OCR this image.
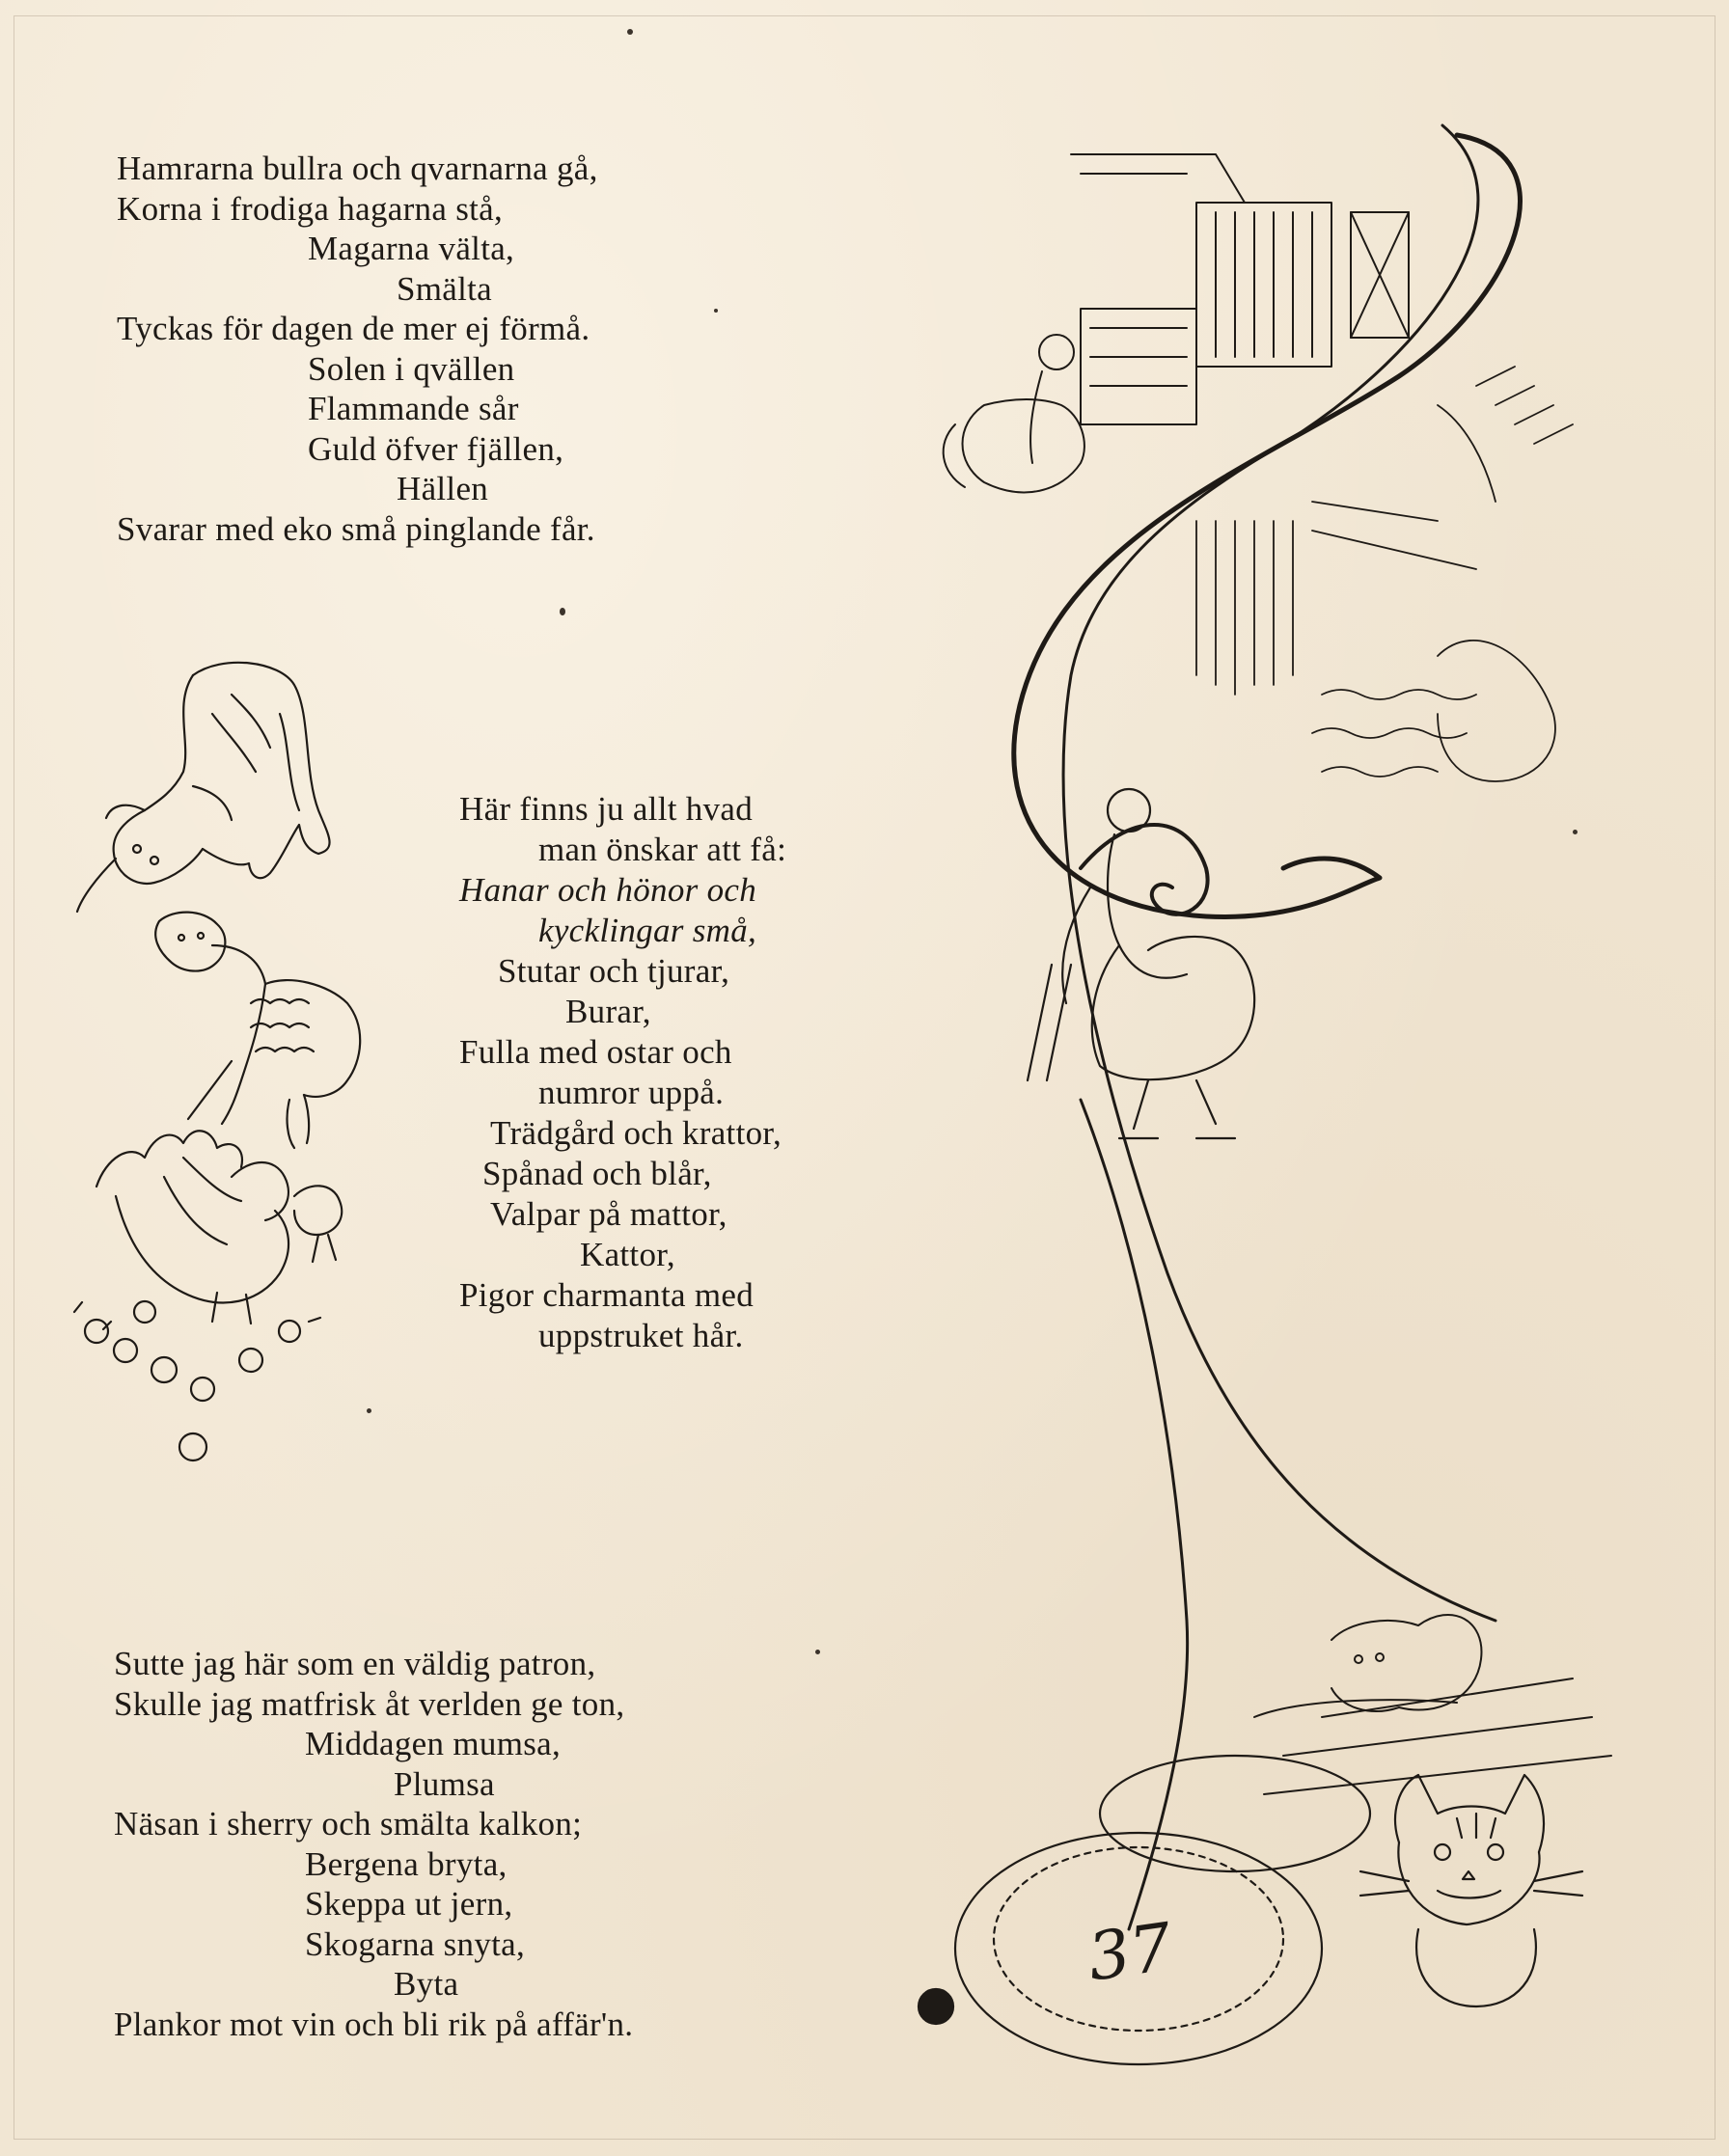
Hamrarna bullra och qvarnarna gå,
Korna i frodiga hagarna stå,
Magarna välta,
Smälta
Tyckas för dagen de mer ej förmå.
Solen i qvällen
Flammande sår
Guld öfver fjällen,
Hällen
Svarar med eko små pinglande får.
Här finns ju allt hvad
man önskar att få:
Hanar och hönor och
kycklingar små,
Stutar och tjurar,
Burar,
Fulla med ostar och
numror uppå.
Trädgård och krattor,
Spånad och blår,
Valpar på mattor,
Kattor,
Pigor charmanta med
uppstruket hår.
Sutte jag här som en väldig patron,
Skulle jag matfrisk åt verlden ge ton,
Middagen mumsa,
Plumsa
Näsan i sherry och smälta kalkon;
Bergena bryta,
Skeppa ut jern,
Skogarna snyta,
Byta
Plankor mot vin och bli rik på affär'n.
37
